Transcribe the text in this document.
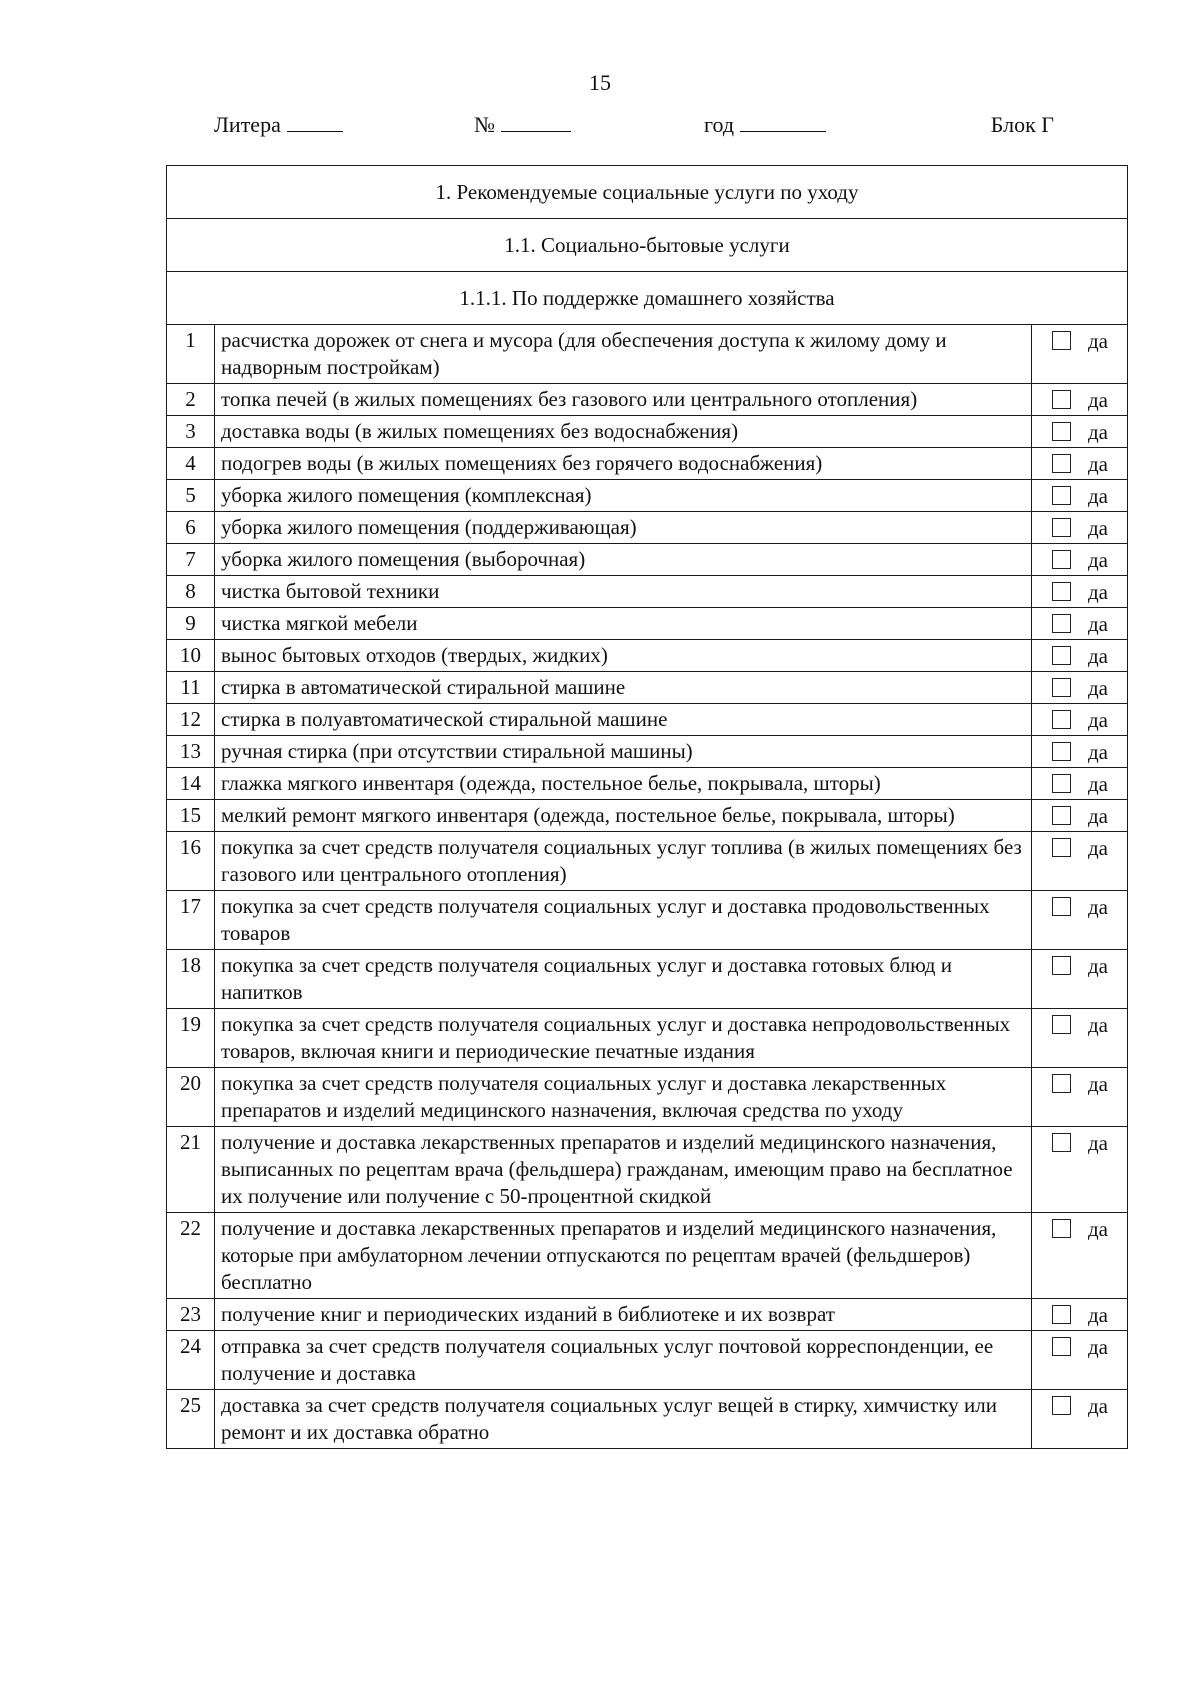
15
Литера	№	год	Блок Г
1. Рекомендуемые социальные услуги по уходу		
1.1. Социально-бытовые услуги		
1.1.1. По поддержке домашнего хозяйства		
1	расчистка дорожек от снега и мусора (для обеспечения доступа к жилому дому и надворным постройкам)	да

2	топка печей (в жилых помещениях без газового или центрального отопления)	да

3	доставка воды (в жилых помещениях без водоснабжения)	да

4	подогрев воды (в жилых помещениях без горячего водоснабжения)	да

5	уборка жилого помещения (комплексная)	да

6	уборка жилого помещения (поддерживающая)	да

7	уборка жилого помещения (выборочная)	да

8	чистка бытовой техники	да

9	чистка мягкой мебели	да

10	вынос бытовых отходов (твердых, жидких)	да

11	стирка в автоматической стиральной машине	да

12	стирка в полуавтоматической стиральной машине	да

13	ручная стирка (при отсутствии стиральной машины)	да

14	глажка мягкого инвентаря (одежда, постельное белье, покрывала, шторы)	да

15	мелкий ремонт мягкого инвентаря (одежда, постельное белье, покрывала, шторы)	да

16	покупка за счет средств получателя социальных услуг топлива (в жилых помещениях без газового или центрального отопления)	да

17	покупка за счет средств получателя социальных услуг и доставка продовольственных товаров	да

18	покупка за счет средств получателя социальных услуг и доставка готовых блюд и напитков	да

19	покупка за счет средств получателя социальных услуг и доставка непродовольственных товаров, включая книги и периодические печатные издания	да

20	покупка за счет средств получателя социальных услуг и доставка лекарственных препаратов и изделий медицинского назначения, включая средства по уходу	да

21	получение и доставка лекарственных препаратов и изделий медицинского назначения, выписанных по рецептам врача (фельдшера) гражданам, имеющим право на бесплатное их получение или получение с 50-процентной скидкой	да

22	получение и доставка лекарственных препаратов и изделий медицинского назначения, которые при амбулаторном лечении отпускаются по рецептам врачей (фельдшеров) бесплатно	да

23	получение книг и периодических изданий в библиотеке и их возврат	да

24	отправка за счет средств получателя социальных услуг почтовой корреспонденции, ее получение и доставка	да

25	доставка за счет средств получателя социальных услуг вещей в стирку, химчистку или ремонт и их доставка обратно	да
